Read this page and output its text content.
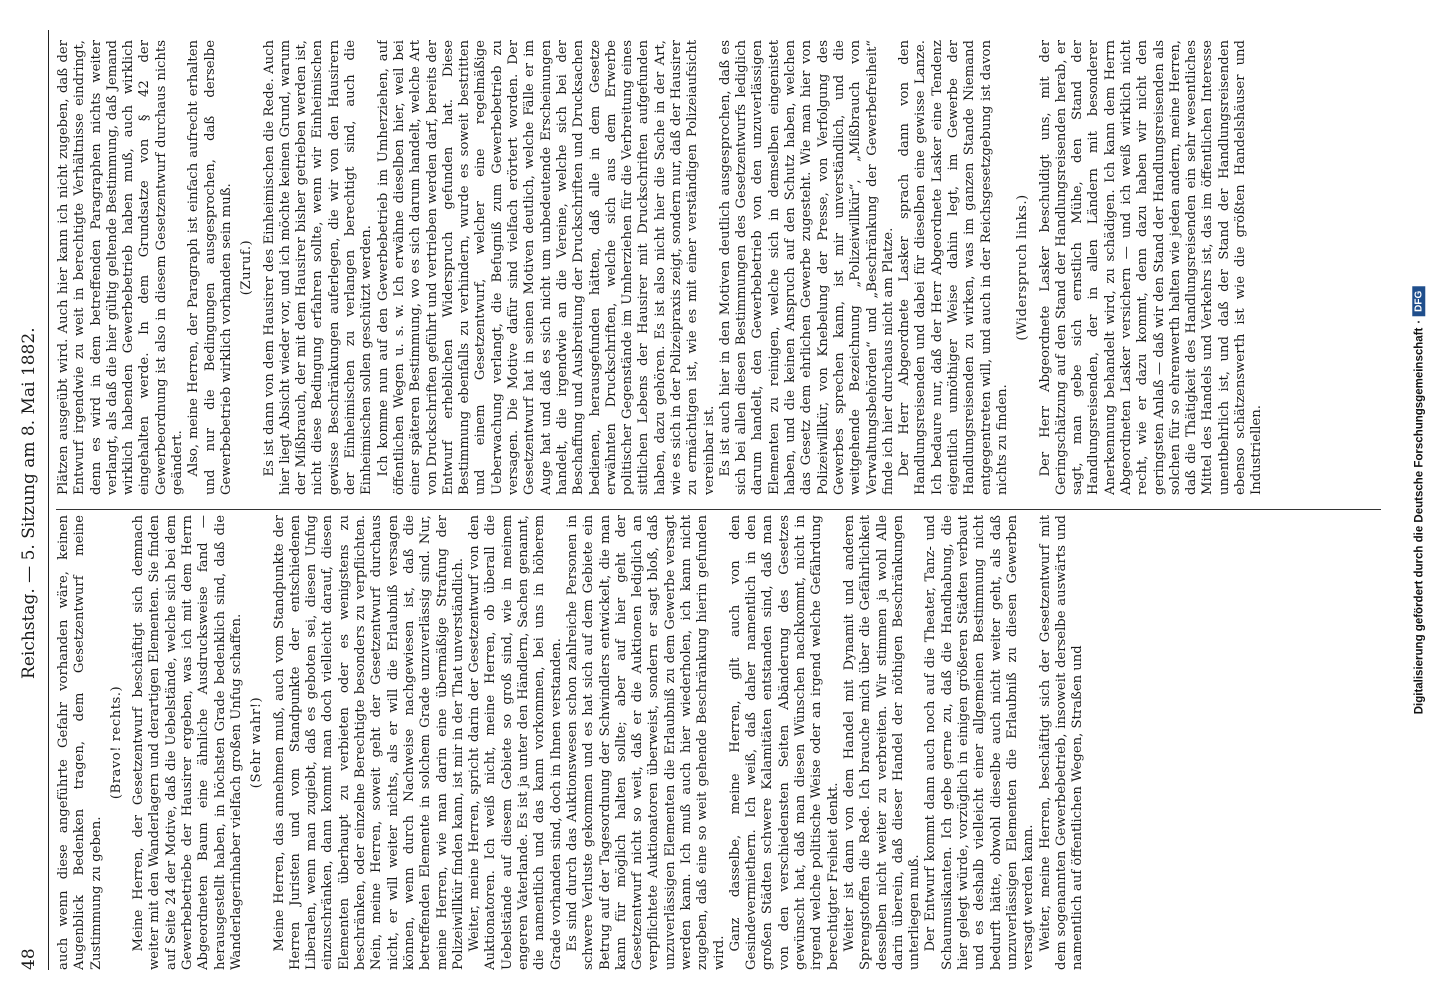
48
Reichstag. — 5. Sitzung am 8. Mai 1882.

auch wenn diese angeführte Gefahr vorhanden wäre, keinen Augenblick Bedenken tragen, dem Gesetzentwurf meine Zustimmung zu geben.

(Bravo! rechts.) Meine Herren, der Gesetzentwurf beschäftigt sich demnach weiter mit den Wanderlagern und derartigen Elementen. Sie finden auf Seite 24 der Motive, daß die Uebelstände, welche sich bei dem Gewerbebetriebe der Hausirer ergeben, was ich mit dem Herrn Abgeordneten Baum eine ähnliche Ausdrucksweise fand — herausgestellt haben, in höchsten Grade bedenklich sind, daß die Wanderlagerinhaber vielfach großen Unfug schaffen. (Sehr wahr!) Meine Herren, das annehmen muß, auch vom Standpunkte der Herren Juristen und vom Standpunkte der entschiedenen Liberalen, wenn man zugiebt, daß es geboten sei, diesen Unfug einzuschränken, dann kommt man doch vielleicht darauf, diesen Elementen überhaupt zu verbieten oder es wenigstens zu beschränken, oder einzelne Berechtigte besonders zu verpflichten. Nein, meine Herren, soweit geht der Gesetzentwurf durchaus nicht, er will weiter nichts, als er will die Erlaubniß versagen können, wenn durch Nachweise nachgewiesen ist, daß die betreffenden Elemente in solchem Grade unzuverlässig sind. Nur, meine Herren, wie man darin eine übermäßige Strafung der Polizeiwillkür finden kann, ist mir in der That unverständlich. Weiter, meine Herren, spricht darin der Gesetzentwurf von den Auktionatoren. Ich weiß nicht, meine Herren, ob überall die Uebelstände auf diesem Gebiete so groß sind, wie in meinem engeren Vaterlande. Es ist ja unter den Händlern, Sachen genannt, die namentlich und das kann vorkommen, bei uns in höherem Grade vorhanden sind, doch in Ihnen verstanden. Es sind durch das Auktionswesen schon zahlreiche Personen in schwere Verluste gekommen und es hat sich auf dem Gebiete ein Betrug auf der Tagesordnung der Schwindlers entwickelt, die man kann für möglich halten sollte; aber auf hier geht der Gesetzentwurf nicht so weit, daß er die Auktionen lediglich an verpflichtete Auktionatoren überweist, sondern er sagt bloß, daß unzuverlässigen Elementen die Erlaubniß zu dem Gewerbe versagt werden kann. Ich muß auch hier wiederholen, ich kann nicht zugeben, daß eine so weit gehende Beschränkung hierin gefunden wird.

Ganz dasselbe, meine Herren, gilt auch von den Gesindevermiethern. Ich weiß, daß daher namentlich in den großen Städten schwere Kalamitäten entstanden sind, daß man von den verschiedensten Seiten Abänderung des Gesetzes gewünscht hat, daß man diesen Wünschen nachkommt, nicht in irgend welche politische Weise oder an irgend welche Gefährdung berechtigter Freiheit denkt. Weiter ist dann von dem Handel mit Dynamit und anderen Sprengstoffen die Rede. Ich brauche mich über die Gefährlichkeit desselben nicht weiter zu verbreiten. Wir stimmen ja wohl Alle darin überein, daß dieser Handel der nöthigen Beschränkungen unterliegen muß. Der Entwurf kommt dann auch noch auf die Theater, Tanz- und Schaumusikanten. Ich gebe gerne zu, daß die Handhabung, die hier gelegt würde, vorzüglich in einigen größeren Städten verbaut und es deshalb vielleicht einer allgemeinen Bestimmung nicht bedurft hätte, obwohl dieselbe auch nicht weiter geht, als daß unzuverlässigen Elementen die Erlaubniß zu diesen Gewerben versagt werden kann. Weiter, meine Herren, beschäftigt sich der Gesetzentwurf mit dem sogenannten Gewerbebetrieb, insoweit derselbe auswärts und namentlich auf öffentlichen Wegen, Straßen und

Plätzen ausgeübt wird. Auch hier kann ich nicht zugeben, daß der Entwurf irgendwie zu weit in berechtigte Verhältnisse eindringt, denn es wird in dem betreffenden Paragraphen nichts weiter verlangt, als daß die hier gültig geltende Bestimmung, daß Jemand wirklich habenden Gewerbebetrieb haben muß, auch wirklich eingehalten werde. In dem Grundsatze von § 42 der Gewerbeordnung ist also in diesem Gesetzentwurf durchaus nichts geändert. Also, meine Herren, der Paragraph ist einfach aufrecht erhalten und nur die Bedingungen ausgesprochen, daß derselbe Gewerbebetrieb wirklich vorhanden sein muß. (Zuruf.) Es ist dann von dem Hausirer des Einheimischen die Rede. Auch hier liegt Absicht wieder vor, und ich möchte keinen Grund, warum der Mißbrauch, der mit dem Hausirer bisher getrieben werden ist, nicht diese Bedingung erfahren sollte, wenn wir Einheimischen gewisse Beschränkungen auferlegen, die wir von den Hausirern der Einheimischen zu verlangen berechtigt sind, auch die Einheimischen sollen geschützt werden. Ich komme nun auf den Gewerbebetrieb im Umherziehen, auf öffentlichen Wegen u. s. w. Ich erwähne dieselben hier, weil bei einer späteren Bestimmung, wo es sich darum handelt, welche Art von Druckschriften geführt und vertrieben werden darf, bereits der Entwurf erheblichen Widerspruch gefunden hat. Diese Bestimmung ebenfalls zu verhindern, wurde es soweit bestritten und einem Gesetzentwurf, welcher eine regelmäßige Ueberwachung verlangt, die Befugniß zum Gewerbebetrieb zu versagen. Die Motive dafür sind vielfach erörtert worden. Der Gesetzentwurf hat in seinen Motiven deutlich, welche Fälle er im Auge hat und daß es sich nicht um unbedeutende Erscheinungen handelt, die irgendwie an die Vereine, welche sich bei der Beschaffung und Ausbreitung der Druckschriften und Drucksachen bedienen, herausgefunden hätten, daß alle in dem Gesetze erwähnten Druckschriften, welche sich aus dem Erwerbe politischer Gegenstände im Umherziehen für die Verbreitung eines sittlichen Lebens der Hausirer mit Druckschriften aufgefunden haben, dazu gehören. Es ist also nicht hier die Sache in der Art, wie es sich in der Polizeipraxis zeigt, sondern nur, daß der Hausirer zu ermächtigen ist, wie es mit einer verständigen Polizeiaufsicht vereinbar ist. Es ist auch hier in den Motiven deutlich ausgesprochen, daß es sich bei allen diesen Bestimmungen des Gesetzentwurfs lediglich darum handelt, den Gewerbebetrieb von den unzuverlässigen Elementen zu reinigen, welche sich in demselben eingenistet haben, und die keinen Anspruch auf den Schutz haben, welchen das Gesetz dem ehrlichen Gewerbe zugesteht. Wie man hier von Polizeiwillkür, von Knebelung der Presse, von Verfolgung des Gewerbes sprechen kann, ist mir unverständlich, und die weitgehende Bezeichnung „Polizeiwillkür“, „Mißbrauch von Verwaltungsbehörden“ und „Beschränkung der Gewerbefreiheit“ finde ich hier durchaus nicht am Platze. Der Herr Abgeordnete Lasker sprach dann von den Handlungsreisenden und dabei für dieselben eine gewisse Lanze. Ich bedaure nur, daß der Herr Abgeordnete Lasker eine Tendenz eigentlich unnöthiger Weise dahin legt, im Gewerbe der Handlungsreisenden zu wirken, was im ganzen Stande Niemand entgegentreten will, und auch in der Reichsgesetzgebung ist davon nichts zu finden.

(Widerspruch links.) Der Herr Abgeordnete Lasker beschuldigt uns, mit der Geringschätzung auf den Stand der Handlungsreisenden herab, er sagt, man gebe sich ernstlich Mühe, den Stand der Handlungsreisenden, der in allen Ländern mit besonderer Anerkennung behandelt wird, zu schädigen. Ich kann dem Herrn Abgeordneten Lasker versichern — und ich weiß wirklich nicht recht, wie er dazu kommt, denn dazu haben wir nicht den geringsten Anlaß — daß wir den Stand der Handlungsreisenden als solchen für so ehrenwerth halten wie jeden andern, meine Herren, daß die Thätigkeit des Handlungsreisenden ein sehr wesentliches Mittel des Handels und Verkehrs ist, das im öffentlichen Interesse unentbehrlich ist, und daß der Stand der Handlungsreisenden ebenso schätzenswerth ist wie die größten Handelshäuser und Industriellen.	Digitalisierung gefördert durch die Deutsche Forschungsgemeinschaft
·
DFG
